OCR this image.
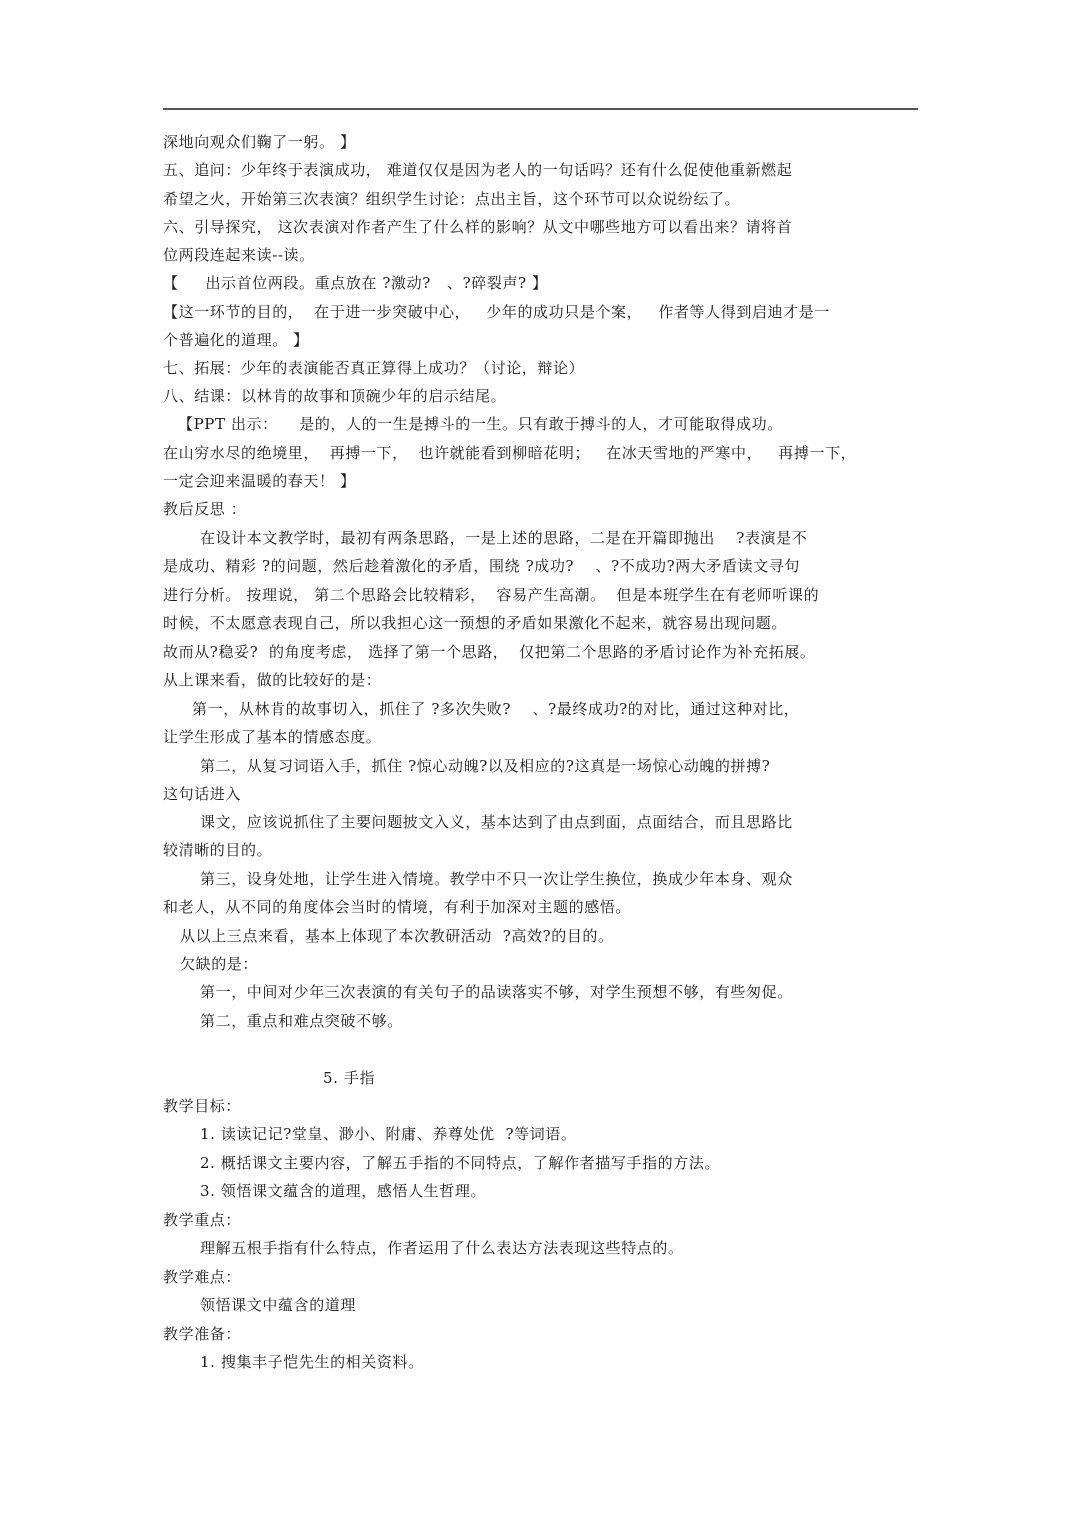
深地向观众们鞠了一躬。 】
五、追问：少年终于表演成功， 难道仅仅是因为老人的一句话吗？还有什么促使他重新燃起
希望之火，开始第三次表演？组织学生讨论：点出主旨，这个环节可以众说纷纭了。
六、引导探究， 这次表演对作者产生了什么样的影响？从文中哪些地方可以看出来？请将首
位两段连起来读--读。
【     出示首位两段。重点放在 ?激动?   、?碎裂声? 】
【这一环节的目的，  在于进一步突破中心，   少年的成功只是个案，   作者等人得到启迪才是一
个普遍化的道理。 】
七、拓展：少年的表演能否真正算得上成功？（讨论，辩论）
八、结课：以林肯的故事和顶碗少年的启示结尾。
【PPT 出示：    是的，人的一生是搏斗的一生。只有敢于搏斗的人，才可能取得成功。
在山穷水尽的绝境里，  再搏一下，  也许就能看到柳暗花明；   在冰天雪地的严寒中，   再搏一下，
一定会迎来温暖的春天！ 】
教后反思 ：
在设计本文教学时，最初有两条思路，一是上述的思路，二是在开篇即抛出    ?表演是不
是成功、精彩 ?的问题，然后趁着激化的矛盾，围绕 ?成功?    、?不成功?两大矛盾读文寻句
进行分析。 按理说， 第二个思路会比较精彩，  容易产生高潮。  但是本班学生在有老师听课的
时候，不太愿意表现自己，所以我担心这一预想的矛盾如果激化不起来，就容易出现问题。
故而从?稳妥?  的角度考虑， 选择了第一个思路，  仅把第二个思路的矛盾讨论作为补充拓展。
从上课来看，做的比较好的是：
第一，从林肯的故事切入，抓住了 ?多次失败?    、?最终成功?的对比，通过这种对比，
让学生形成了基本的情感态度。
第二，从复习词语入手，抓住 ?惊心动魄?以及相应的?这真是一场惊心动魄的拼搏?
这句话进入
课文，应该说抓住了主要问题披文入义，基本达到了由点到面，点面结合，而且思路比
较清晰的目的。
第三，设身处地，让学生进入情境。教学中不只一次让学生换位，换成少年本身、观众
和老人，从不同的角度体会当时的情境，有利于加深对主题的感悟。
从以上三点来看，基本上体现了本次教研活动  ?高效?的目的。
欠缺的是：
第一，中间对少年三次表演的有关句子的品读落实不够，对学生预想不够，有些匆促。
第二，重点和难点突破不够。
5. 手指
教学目标：
1. 读读记记?堂皇、渺小、附庸、养尊处优  ?等词语。
2. 概括课文主要内容，了解五手指的不同特点，了解作者描写手指的方法。
3. 领悟课文蕴含的道理，感悟人生哲理。
教学重点：
理解五根手指有什么特点，作者运用了什么表达方法表现这些特点的。
教学难点：
领悟课文中蕴含的道理
教学准备：
1. 搜集丰子恺先生的相关资料。
